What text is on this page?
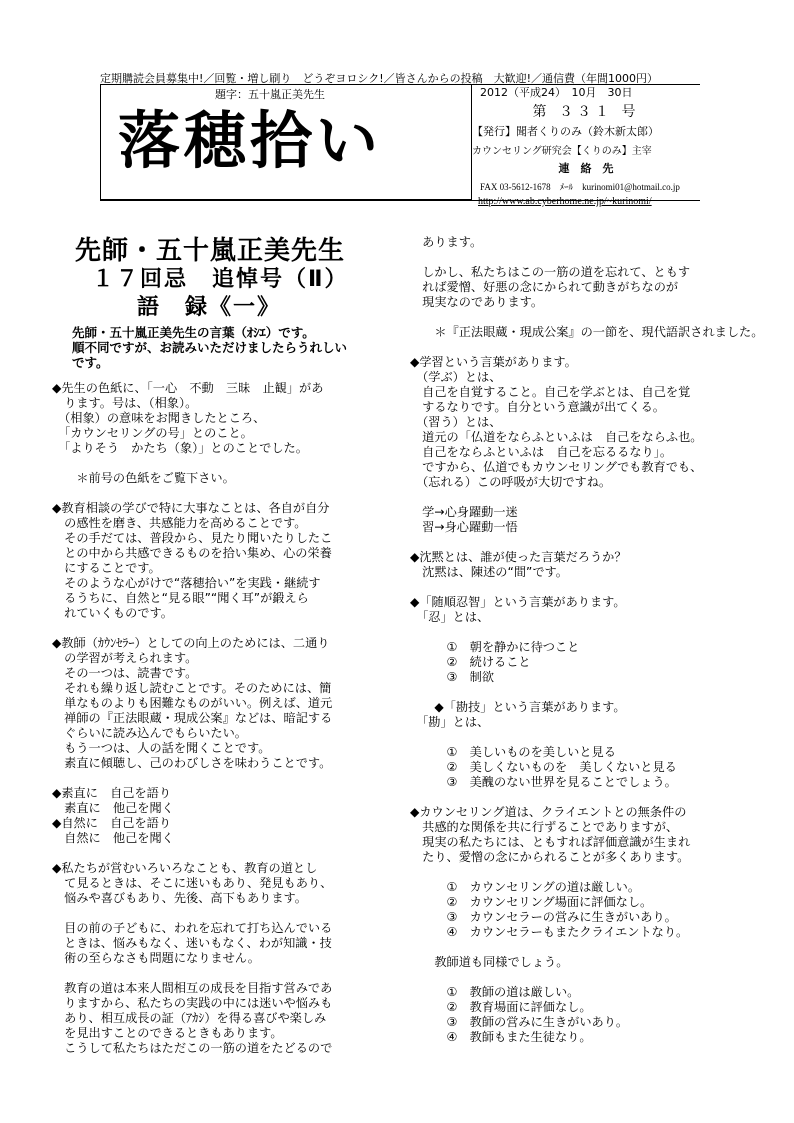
定期購読会員募集中!／回覧・増し刷り　どうぞヨロシク!／皆さんからの投稿　大歓迎!／通信費（年間1000円）
題字：五十嵐正美先生
落穂拾い
2012（平成24）　10月　30日
第 ３３１ 号
【発行】聞者くりのみ（鈴木新太郎）
カウンセリング研究会【くりのみ】主宰
連　絡　先
FAX 03-5612-1678　ﾒｰﾙ　kurinomi01@hotmail.co.jp
http://www.ab.cyberhome.ne.jp/~kurinomi/
先師・五十嵐正美先生
１７回忌　追悼号（Ⅱ）
語　録《一》
先師・五十嵐正美先生の言葉（ｵｼｴ）です。
順不同ですが、お読みいただけましたらうれしい
です。

◆先生の色紙に、「一心　不動　三昧　止観」があ

　ります。号は、（相象）。

　（相象）の意味をお聞きしたところ、

　「カウンセリングの号」とのこと。

　「よりそう　かたち（象）」とのことでした。

　　＊前号の色紙をご覧下さい。

◆教育相談の学びで特に大事なことは、各自が自分

　の感性を磨き、共感能力を高めることです。

　その手だては、普段から、見たり聞いたりしたこ

　との中から共感できるものを拾い集め、心の栄養

　にすることです。

　そのような心がけで“落穂拾い”を実践・継続す

　るうちに、自然と“見る眼”“聞く耳”が鍛えら

　れていくものです。

◆教師（ｶｳﾝｾﾗｰ）としての向上のためには、二通り

　の学習が考えられます。

　その一つは、読書です。

　それも繰り返し読むことです。そのためには、簡

　単なものよりも困難なものがいい。例えば、道元

　禅師の『正法眼蔵・現成公案』などは、暗記する

　ぐらいに読み込んでもらいたい。

　もう一つは、人の話を聞くことです。

　素直に傾聴し、己のわびしさを味わうことです。

◆素直に　自己を語り

　素直に　他己を聞く

◆自然に　自己を語り

　自然に　他己を聞く

◆私たちが営むいろいろなことも、教育の道とし

　て見るときは、そこに迷いもあり、発見もあり、

　悩みや喜びもあり、先後、高下もあります。

　目の前の子どもに、われを忘れて打ち込んでいる

　ときは、悩みもなく、迷いもなく、わが知識・技

　術の至らなさも問題になりません。

　教育の道は本来人間相互の成長を目指す営みであ

　りますから、私たちの実践の中には迷いや悩みも

　あり、相互成長の証（ｱｶｼ）を得る喜びや楽しみ

　を見出すことのできるときもあります。

　こうして私たちはただこの一筋の道をたどるので

　あります。

　しかし、私たちはこの一筋の道を忘れて、ともす

　れば愛憎、好悪の念にかられて動きがちなのが

　現実なのであります。

　　＊『正法眼蔵・現成公案』の一節を、現代語訳されました。

◆学習という言葉があります。

　（学ぶ）とは、

　自己を自覚すること。自己を学ぶとは、自己を覚

　するなりです。自分という意識が出てくる。

　（習う）とは、

　道元の「仏道をならふといふは　自己をならふ也。

　自己をならふといふは　自己を忘るるなり」。

　ですから、仏道でもカウンセリングでも教育でも、

　（忘れる）この呼吸が大切ですね。

　学→心身躍動一迷

　習→身心躍動一悟

◆沈黙とは、誰が使った言葉だろうか？

　沈黙は、陳述の“間”です。

◆「随順忍智」という言葉があります。

　「忍」とは、

　　　①　朝を静かに待つこと

　　　②　続けること

　　　③　制欲

　　◆「勘技」という言葉があります。

　「勘」とは、

　　　①　美しいものを美しいと見る

　　　②　美しくないものを　美しくないと見る

　　　③　美醜のない世界を見ることでしょう。

◆カウンセリング道は、クライエントとの無条件の

　共感的な関係を共に行ずることでありますが、

　現実の私たちには、ともすれば評価意識が生まれ

　たり、愛憎の念にかられることが多くあります。

　　　①　カウンセリングの道は厳しい。

　　　②　カウンセリング場面に評価なし。

　　　③　カウンセラーの営みに生きがいあり。

　　　④　カウンセラーもまたクライエントなり。

　　教師道も同様でしょう。

　　　①　教師の道は厳しい。

　　　②　教育場面に評価なし。

　　　③　教師の営みに生きがいあり。

　　　④　教師もまた生徒なり。
